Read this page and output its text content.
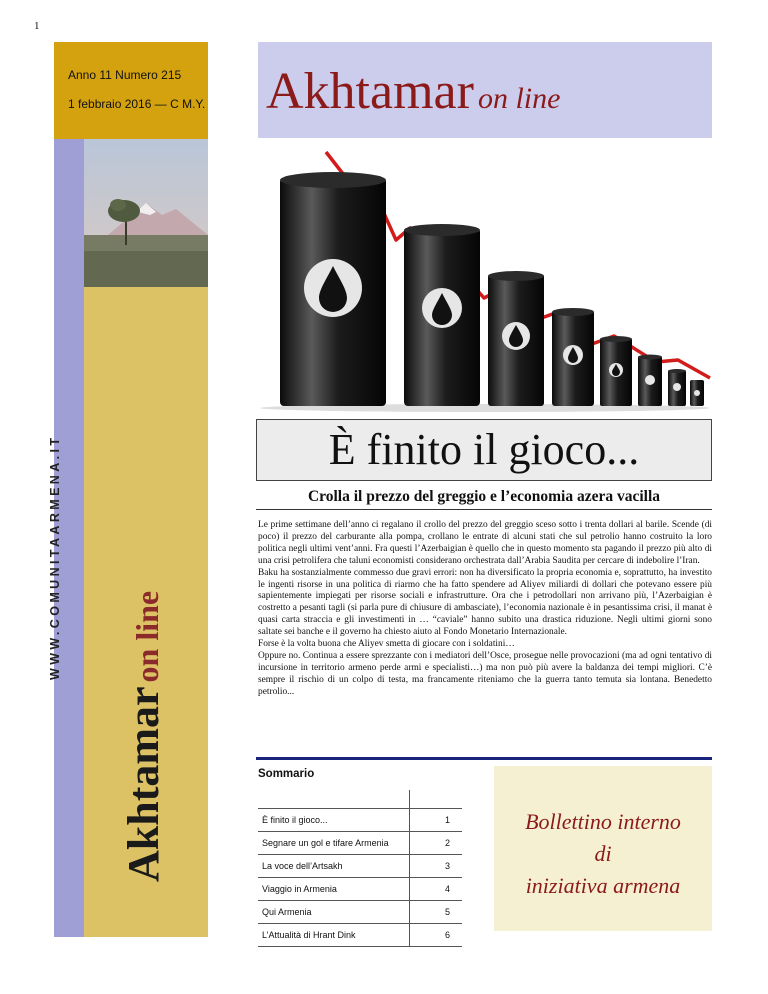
1
Anno 11 Numero 215
1 febbraio 2016 — C M.Y.
WWW.COMUNITAARMENA.IT
Akhtamar on line
Akhtamar on line
È finito il gioco...
Crolla il prezzo del greggio e l’economia azera vacilla

Le prime settimane dell’anno ci regalano il crollo del prezzo del greggio sceso sotto i trenta dollari al barile. Scende (di poco) il prezzo del carburante alla pompa, crollano le entrate di alcuni stati che sul petrolio hanno costruito la loro politica negli ultimi vent’anni. Fra questi l’Azerbaigian è quello che in questo momento sta pagando il prezzo più alto di una crisi petrolifera che taluni economisti considerano orchestrata dall’Arabia Saudita per cercare di indebolire l’Iran.

Baku ha sostanzialmente commesso due gravi errori: non ha diversificato la propria economia e, soprattutto, ha investito le ingenti risorse in una politica di riarmo che ha fatto spendere ad Aliyev miliardi di dollari che potevano essere più sapientemente impiegati per risorse sociali e infrastrutture. Ora che i petrodollari non arrivano più, l’Azerbaigian è costretto a pesanti tagli (si parla pure di chiusure di ambasciate), l’economia nazionale è in pesantissima crisi, il manat è quasi carta straccia e gli investimenti in … “caviale” hanno subito una drastica riduzione. Negli ultimi giorni sono saltate sei banche e il governo ha chiesto aiuto al Fondo Monetario Internazionale.

Forse è la volta buona che Aliyev smetta di giocare con i soldatini…

Oppure no. Continua a essere sprezzante con i mediatori dell’Osce, prosegue nelle provocazioni (ma ad ogni tentativo di incursione in territorio armeno perde armi e specialisti…) ma non può più avere la baldanza dei tempi migliori. C’è sempre il rischio di un colpo di testa, ma francamente riteniamo che la guerra tanto temuta sia lontana. Benedetto petrolio...

Sommario

È finito il gioco...	1
Segnare un gol e tifare Armenia	2
La voce dell’Artsakh	3
Viaggio in Armenia	4
Qui Armenia	5
L’Attualità di Hrant Dink	6
Bollettino interno
di
iniziativa armena
